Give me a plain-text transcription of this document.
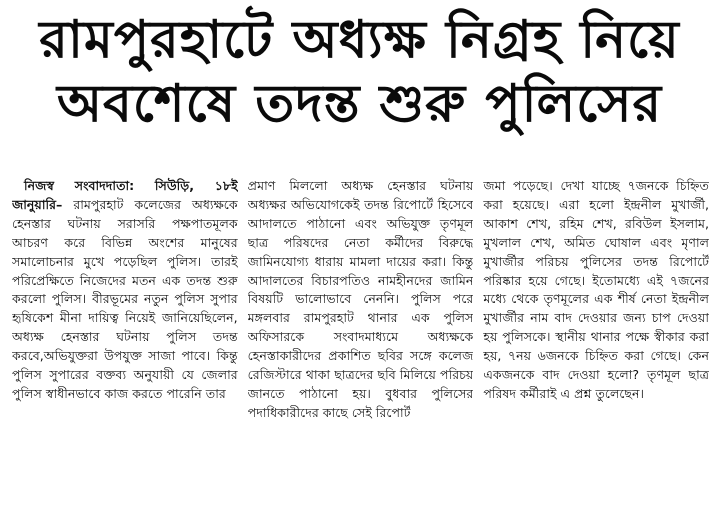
রামপুরহাটে অধ্যক্ষ নিগ্রহ নিয়ে
অবশেষে তদন্ত শুরু পুলিসের

নিজস্ব সংবাদদাতা: সিউড়ি, ১৮ই জানুয়ারি– রামপুরহাট কলেজের অধ্যক্ষকে হেনস্তার ঘটনায় সরাসরি পক্ষপাতমূলক আচরণ করে বিভিন্ন অংশের মানুষের সমালোচনার মুখে পড়েছিল পুলিস। তারই পরিপ্রেক্ষিতে নিজেদের মতন এক তদন্ত শুরু করলো পুলিস। বীরভূমের নতুন পুলিস সুপার হৃষিকেশ মীনা দায়িত্ব নিয়েই জানিয়েছিলেন, অধ্যক্ষ হেনস্তার ঘটনায় পুলিস তদন্ত করবে,অভিযুক্তরা উপযুক্ত সাজা পাবে। কিন্তু পুলিস সুপারের বক্তব্য অনুযায়ী যে জেলার পুলিস স্বাধীনভাবে কাজ করতে পারেনি তার

প্রমাণ মিললো অধ্যক্ষ হেনস্তার ঘটনায় অধ্যক্ষর অভিযোগকেই তদন্ত রিপোর্টে হিসেবে আদালতে পাঠানো এবং অভিযুক্ত তৃণমূল ছাত্র পরিষদের নেতা কর্মীদের বিরুদ্ধে জামিনযোগ্য ধারায় মামলা দায়ের করা। কিন্তু আদালতের বিচারপতিও নামহীনদের জামিন বিষয়টি ভালোভাবে নেননি। পুলিস পরে মঙ্গলবার রামপুরহাট থানার এক পুলিস অফিসারকে সংবাদমাধ্যমে অধ্যক্ষকে হেনস্তাকারীদের প্রকাশিত ছবির সঙ্গে কলেজ রেজিস্টারে থাকা ছাত্রদের ছবি মিলিয়ে পরিচয় জানতে পাঠানো হয়। বুধবার পুলিসের পদাধিকারীদের কাছে সেই রিপোর্ট

জমা পড়েছে। দেখা যাচ্ছে ৭জনকে চিহ্নিত করা হয়েছে। এরা হলো ইন্দ্রনীল মুখার্জী, আকাশ শেখ, রহিম শেখ, রবিউল ইসলাম, মুখলাল শেখ, অমিত ঘোষাল এবং মৃণাল মুখার্জীর পরিচয় পুলিসের তদন্ত রিপোর্টে পরিষ্কার হয়ে গেছে। ইতোমধ্যে এই ৭জনের মধ্যে থেকে তৃণমূলের এক শীর্ষ নেতা ইন্দ্রনীল মুখার্জীর নাম বাদ দেওয়ার জন্য চাপ দেওয়া হয় পুলিসকে। স্থানীয় থানার পক্ষে স্বীকার করা হয়, ৭নয় ৬জনকে চিহ্নিত করা গেছে। কেন একজনকে বাদ দেওয়া হলো? তৃণমূল ছাত্র পরিষদ কর্মীরাই এ প্রশ্ন তুলেছেন।
